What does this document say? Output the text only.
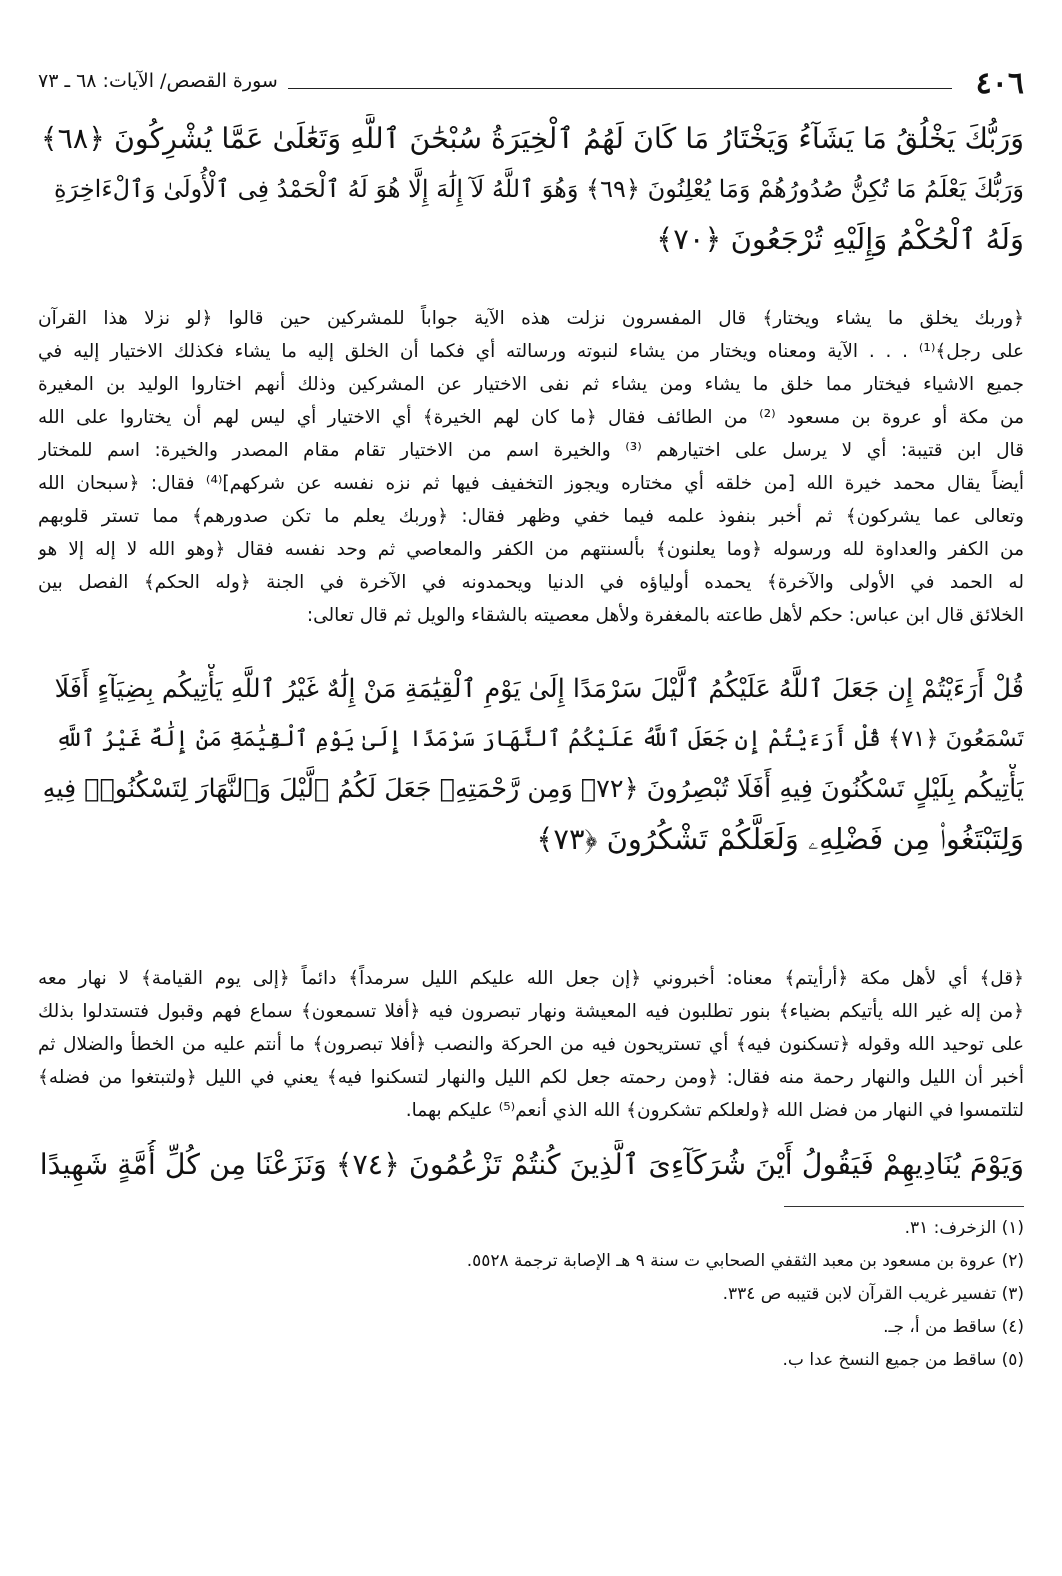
٤٠٦
سورة القصص/ الآيات: ٦٨ ـ ٧٣
وَرَبُّكَ يَخْلُقُ مَا يَشَآءُ وَيَخْتَارُ مَا كَانَ لَهُمُ ٱلْخِيَرَةُ سُبْحَٰنَ ٱللَّهِ وَتَعَٰلَىٰ عَمَّا يُشْرِكُونَ ﴿٦٨﴾
وَرَبُّكَ يَعْلَمُ مَا تُكِنُّ صُدُورُهُمْ وَمَا يُعْلِنُونَ ﴿٦٩﴾ وَهُوَ ٱللَّهُ لَآ إِلَٰهَ إِلَّا هُوَ لَهُ ٱلْحَمْدُ فِى ٱلْأُولَىٰ وَٱلْءَاخِرَةِ
وَلَهُ ٱلْحُكْمُ وَإِلَيْهِ تُرْجَعُونَ ﴿٧٠﴾
﴿وربك يخلق ما يشاء ويختار﴾ قال المفسرون نزلت هذه الآية جواباً للمشركين حين قالوا ﴿لو نزلا هذا القرآن
على رجل﴾⁽¹⁾ . . . الآية ومعناه ويختار من يشاء لنبوته ورسالته أي فكما أن الخلق إليه ما يشاء فكذلك الاختيار إليه في
جميع الاشياء فيختار مما خلق ما يشاء ومن يشاء ثم نفى الاختيار عن المشركين وذلك أنهم اختاروا الوليد بن المغيرة
من مكة أو عروة بن مسعود ⁽²⁾ من الطائف فقال ﴿ما كان لهم الخيرة﴾ أي الاختيار أي ليس لهم أن يختاروا على الله
قال ابن قتيبة: أي لا يرسل على اختيارهم ⁽³⁾ والخيرة اسم من الاختيار تقام مقام المصدر والخيرة: اسم للمختار
أيضاً يقال محمد خيرة الله [من خلقه أي مختاره ويجوز التخفيف فيها ثم نزه نفسه عن شركهم]⁽⁴⁾ فقال: ﴿سبحان الله
وتعالى عما يشركون﴾ ثم أخبر بنفوذ علمه فيما خفي وظهر فقال: ﴿وربك يعلم ما تكن صدورهم﴾ مما تستر قلوبهم
من الكفر والعداوة لله ورسوله ﴿وما يعلنون﴾ بألسنتهم من الكفر والمعاصي ثم وحد نفسه فقال ﴿وهو الله لا إله إلا هو
له الحمد في الأولى والآخرة﴾ يحمده أولياؤه في الدنيا ويحمدونه في الآخرة في الجنة ﴿وله الحكم﴾ الفصل بين
الخلائق قال ابن عباس: حكم لأهل طاعته بالمغفرة ولأهل معصيته بالشقاء والويل ثم قال تعالى:
قُلْ أَرَءَيْتُمْ إِن جَعَلَ ٱللَّهُ عَلَيْكُمُ ٱلَّيْلَ سَرْمَدًا إِلَىٰ يَوْمِ ٱلْقِيَٰمَةِ مَنْ إِلَٰهٌ غَيْرُ ٱللَّهِ يَأْتِيكُم بِضِيَآءٍ أَفَلَا
تَسْمَعُونَ ﴿٧١﴾ قُلْ أَرَءَيْتُمْ إِن جَعَلَ ٱللَّهُ عَلَيْكُمُ ٱلنَّهَارَ سَرْمَدًا إِلَىٰ يَوْمِ ٱلْقِيَٰمَةِ مَنْ إِلَٰهٌ غَيْرُ ٱللَّهِ
يَأْتِيكُم بِلَيْلٍ تَسْكُنُونَ فِيهِ أَفَلَا تُبْصِرُونَ ﴿٧٢﴾ وَمِن رَّحْمَتِهِۦ جَعَلَ لَكُمُ ٱلَّيْلَ وَٱلنَّهَارَ لِتَسْكُنُوا۟ فِيهِ
وَلِتَبْتَغُوا۟ مِن فَضْلِهِۦ وَلَعَلَّكُمْ تَشْكُرُونَ ﴿٧٣﴾
﴿قل﴾ أي لأهل مكة ﴿أرأيتم﴾ معناه: أخبروني ﴿إن جعل الله عليكم الليل سرمداً﴾ دائماً ﴿إلى يوم القيامة﴾ لا نهار معه
﴿من إله غير الله يأتيكم بضياء﴾ بنور تطلبون فيه المعيشة ونهار تبصرون فيه ﴿أفلا تسمعون﴾ سماع فهم وقبول فتستدلوا بذلك
على توحيد الله وقوله ﴿تسكنون فيه﴾ أي تستريحون فيه من الحركة والنصب ﴿أفلا تبصرون﴾ ما أنتم عليه من الخطأ والضلال ثم
أخبر أن الليل والنهار رحمة منه فقال: ﴿ومن رحمته جعل لكم الليل والنهار لتسكنوا فيه﴾ يعني في الليل ﴿ولتبتغوا من فضله﴾
لتلتمسوا في النهار من فضل الله ﴿ولعلكم تشكرون﴾ الله الذي أنعم⁽⁵⁾ عليكم بهما.
وَيَوْمَ يُنَادِيهِمْ فَيَقُولُ أَيْنَ شُرَكَآءِىَ ٱلَّذِينَ كُنتُمْ تَزْعُمُونَ ﴿٧٤﴾ وَنَزَعْنَا مِن كُلِّ أُمَّةٍ شَهِيدًا
(١) الزخرف: ٣١.
(٢) عروة بن مسعود بن معبد الثقفي الصحابي ت سنة ٩ هـ الإصابة ترجمة ٥٥٢٨.
(٣) تفسير غريب القرآن لابن قتيبه ص ٣٣٤.
(٤) ساقط من أ، جـ.
(٥) ساقط من جميع النسخ عدا ب.
